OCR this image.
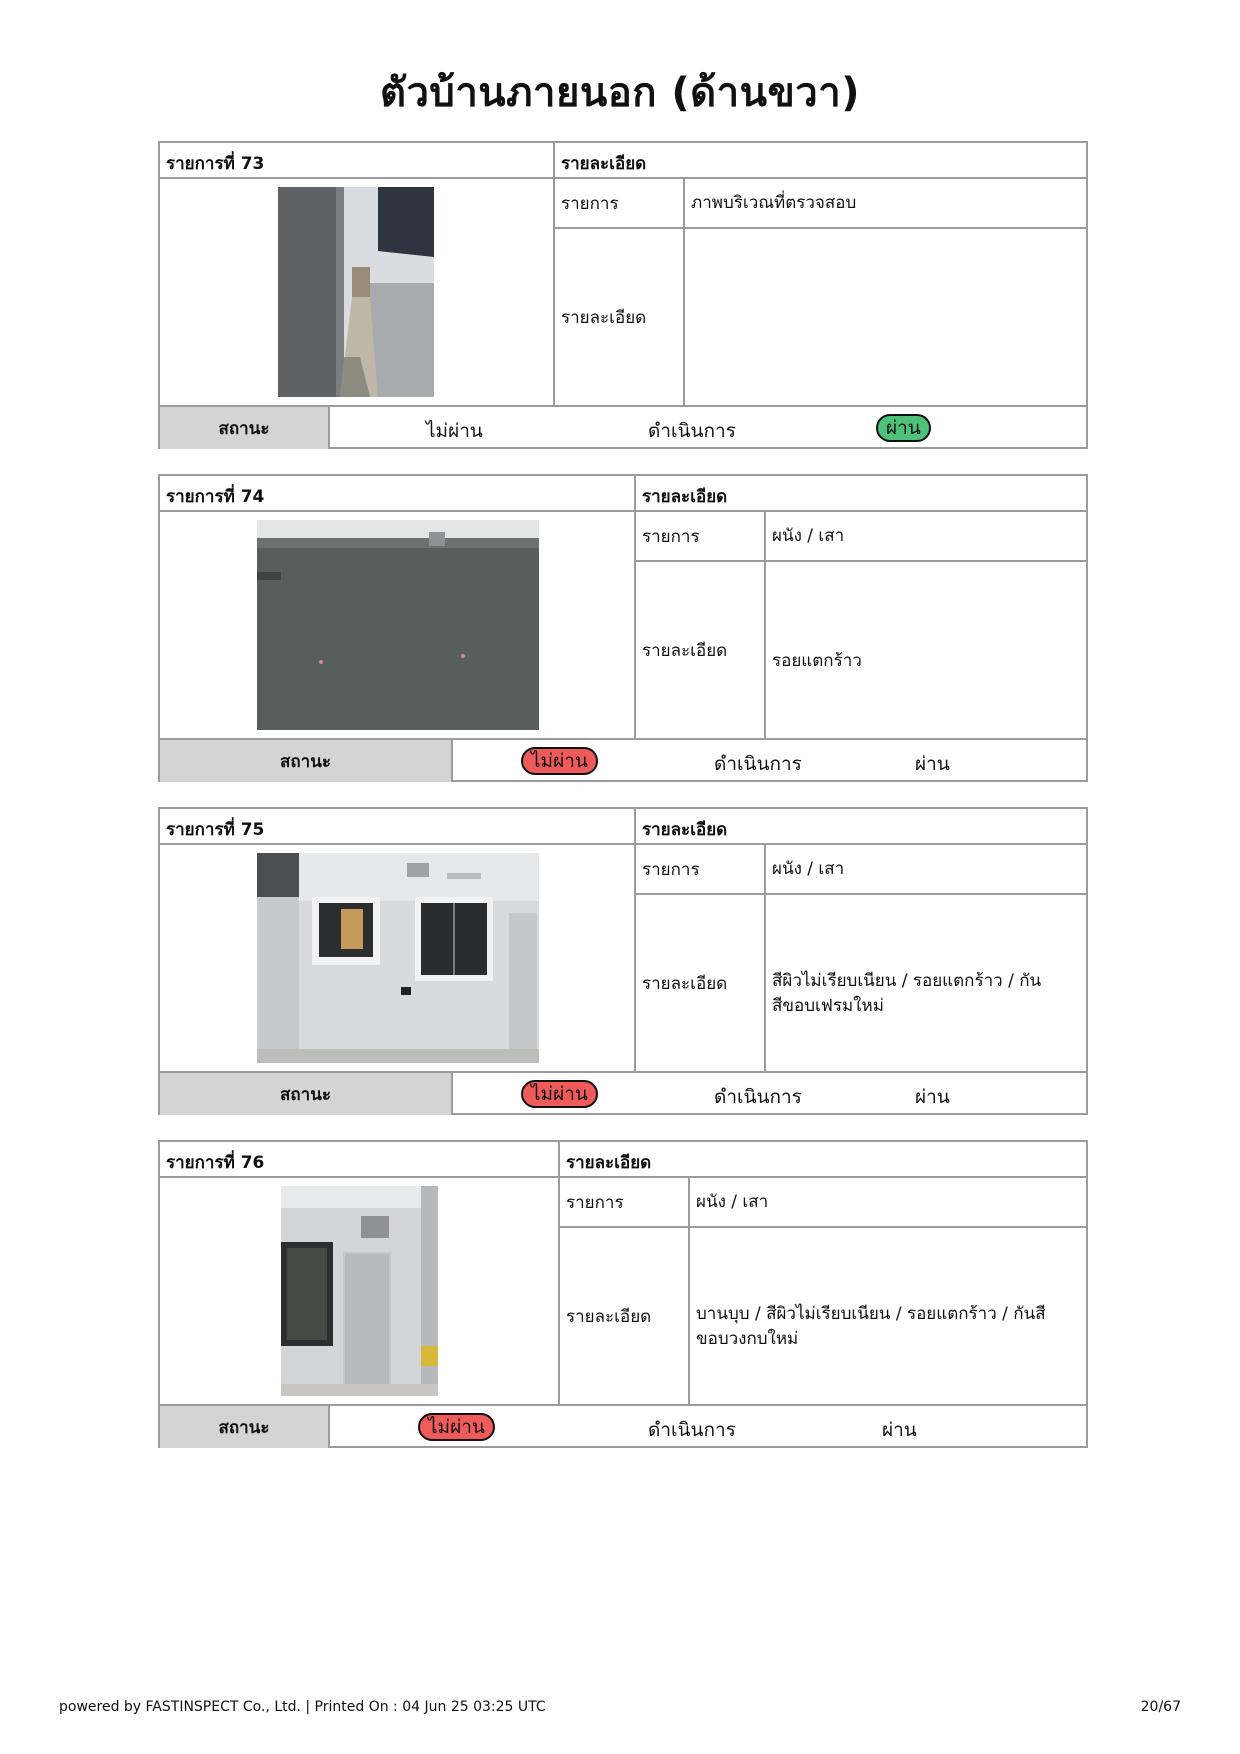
ตัวบ้านภายนอก (ด้านขวา)
รายการที่ 73	รายละเอียด
รายการ	ภาพบริเวณที่ตรวจสอบ
รายละเอียด
สถานะ	ไม่ผ่าน	ดำเนินการ	ผ่าน
รายการที่ 74	รายละเอียด
รายการ	ผนัง / เสา
รายละเอียด	รอยแตกร้าว
สถานะ	ไม่ผ่าน	ดำเนินการ	ผ่าน
รายการที่ 75	รายละเอียด
รายการ	ผนัง / เสา
รายละเอียด	สีผิวไม่เรียบเนียน / รอยแตกร้าว / กันสีขอบเฟรมใหม่
สถานะ	ไม่ผ่าน	ดำเนินการ	ผ่าน
รายการที่ 76	รายละเอียด
รายการ	ผนัง / เสา
รายละเอียด	บานบุบ / สีผิวไม่เรียบเนียน / รอยแตกร้าว / กันสีขอบวงกบใหม่
สถานะ	ไม่ผ่าน	ดำเนินการ	ผ่าน
powered by FASTINSPECT Co., Ltd. | Printed On : 04 Jun 25 03:25 UTC	20/67
